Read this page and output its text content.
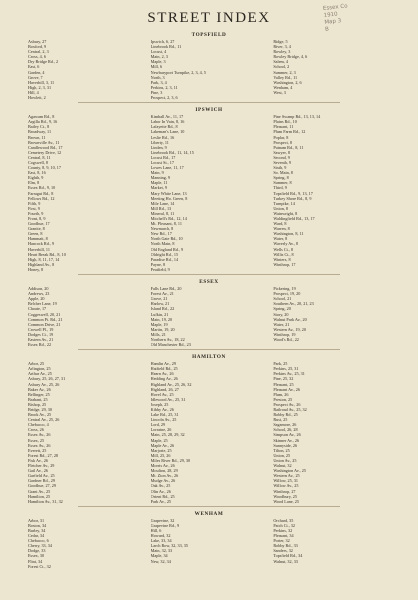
STREET INDEX
Essex Co
1910
Map 3
B
TOPSFIELD
Asbury, 27
Boxford, 9
Central, 2, 3
Cross, 4, 6
Dry Bridge Rd., 2
East, 6
Garden, 4
Grove, 7
Haverhill, 3, 11
High, 2, 3, 31
Hill, 4
Howlett, 2
Ipswich, 6, 27
Linebrook Rd., 11
Locust, 4
Main, 2, 3
Maple, 3
Mill, 6
Newburyport Turnpike, 2, 3, 4, 5
North, 3
Park, 3, 4
Perkins, 2, 3, 11
Pine, 3
Prospect, 2, 3, 6
Ridge, 5
River, 3, 4
Rowley, 3
Rowley Bridge, 4, 6
Salem, 4
School, 2
Summer, 2, 3
Valley Rd., 11
Washington, 2, 6
Wenham, 4
West, 3
IPSWICH
Agawam Rd., 8
Argilla Rd., 9, 16
Bailey Ct., 8
Broadway, 11
Brown, 11
Brownville Av., 11
Candlewood Rd., 17
Cemetery Drive, 12
Central, 8, 11
Cogswell, 8
County, 8, 9, 10, 17
East, 8, 16
Eighth, 9
Elm, 8
Essex Rd., 9, 10
Farragut Rd., 8
Fellows Rd., 12
Fifth, 9
First, 9
Fourth, 9
Front, 8, 9
Goodhue, 17
Granite, 8
Green, 8
Hammatt, 8
Hancock Rd., 9
Haverhill, 11
Heart Break Rd., 8, 10
High, 8, 11, 17, 14
Highland Av., 8
Honey, 8
Kimball Av., 11, 17
Labor In Vain, 8, 16
Lafayette Rd., 8
Lakeman's Lane, 10
Leslie Rd., 16
Liberty, 11
Linden, 9
Linebrook Rd., 11, 14, 15
Locust Rd., 17
Locust St., 17
Lowes Lane, 11, 17
Main, 9
Manning, 9
Maple, 11
Market, 9
Mary White Lane, 13
Meeting Ho. Green, 8
Mile Lane, 14
Mill Rd., 13
Mineral, 8, 11
Mitchell's Rd., 12, 14
Mt. Pleasant, 8, 11
Newmarch, 8
New Rd., 17
North Gate Rd., 10
North Main, 8
Old England Rd., 9
Oldright Rd., 15
Paradise Rd., 14
Payne, 8
Peatfield, 9
Pine Swamp Rd., 13, 13, 14
Plains Rd., 10
Pleasant, 11
Plum Farm Rd., 12
Poplar, 8
Prospect, 8
Putnam Rd., 8, 11
Sawyer, 8
Second, 9
Seventh, 9
Sixth, 9
So. Main, 8
Spring, 8
Summer, 8
Third, 9
Topsfield Rd., 9, 13, 17
Turkey Shore Rd., 8, 9
Turnpike, 14
Union, 8
Wainwright, 8
Waldingfield Rd., 13, 17
Ward, 8
Warren, 8
Washington, 8, 11
Water, 8
Waverly Av., 8
Wells Ct., 8
Willis Ct., 8
Winters, 8
Winthrop, 17
ESSEX
Addison, 20
Andrews, 23
Apple, 20
Belcher Lane, 19
Choate, 17
Coggeswell, 20, 21
Common Pt. Rd., 21
Common Drive, 21
Crowell Pl., 19
Dodges Ct., 19
Eastern Av., 21
Essex Rd., 22
Falls Lane Rd., 20
Forest Av., 21
Grove, 21
Harlow, 21
Island Rd., 22
Lufkin, 21
Main, 19, 20
Maple, 19
Martin, 19, 20
Mills, 21
Northern Av., 18, 22
Old Manchester Rd., 23
Pickering, 19
Prospect, 19, 20
School, 21
Southern Av., 20, 21, 23
Spring, 20
Story, 20
Walnut Park Av., 20
Water, 21
Western Av., 19, 20
Winthrop, 19
Wood's Rd., 22
HAMILTON
Arbor, 25
Arlington, 25
Arthur Av., 25
Asbury, 25, 26, 27, 31
Asbury Av., 25, 26
Baker Av., 26
Bellinger, 25
Brabant, 25
Bishop, 25
Bridge, 29, 30
Brook Av., 25
Central Av., 25, 26
Chebacco, 4
Cross, 26
Essex Av., 26
Essex, 25
Essex Av., 26
Everett, 25
Forest Rd., 27, 28
Fisk Av., 26
Fletcher Av., 29
Gail Av., 26
Garfield Av., 25
Gardner Rd., 29
Goodhue, 27, 29
Grant Av., 25
Hamilton, 25
Hamilton Av., 31, 32
Hamlin Av., 29
Hatfield Rd., 25
Hearn Av., 26
Hedding Av., 26
Highland Av., 25, 26, 32
Highland, 26, 27
Hovel Av., 25
Idlewood Av., 25, 31
Joseph, 25
Kibby Av., 26
Lake Rd., 25, 31
Lincoln Av., 25
Lord, 29
Lorraine, 26
Main, 25, 28, 29, 32
Maple, 25
Maple Av., 26
Marjorie, 25
Mill, 25, 26
Miles River Rd., 29, 30
Morris Av., 26
Moulton, 28, 29
Mt. Zion Av., 26
Mudge Av., 26
Oak Av., 25
Olin Av., 26
Orient Rd., 25
Park Av., 25
Park, 25
Perkins, 25, 31
Perkins Av., 25, 31
Pine, 25, 32
Pleasant, 25
Pleasant Av., 26
Plum, 26
Preston, 25
Prospect Av., 26
Railroad Av., 25, 32
Robby Rd., 25
Rust, 25
Sagamore, 26
School, 26, 28
Simpson Av., 26
Skinner Av., 26
Sunnyside, 26
Tilton, 25
Union, 25
Union Av., 25
Walnut, 32
Washington Av., 25
Western Av., 25
Willow, 25, 31
Willow Av., 25
Winthrop, 27
Woodbury, 25
Wood Lane, 25
WENHAM
Arbor, 31
Boston, 34
Burley, 34
Cedar, 34
Chebacco, 6
Cherry, 33, 34
Dodge, 33
Essex, 30
Flint, 34
Forest Ct., 32
Grapevine, 32
Grapevine Rd., 9
Hill, 6
Howard, 32
Lake, 33, 34
Larch Row, 32, 33, 35
Main, 32, 33
Maple, 34
New, 32, 34
Orchard, 35
Patch Ct., 32
Perkins, 32
Pleasant, 34
Porter, 32
Robby Rd., 33
Sanders, 32
Topsfield Rd., 34
Walnut, 32, 33
